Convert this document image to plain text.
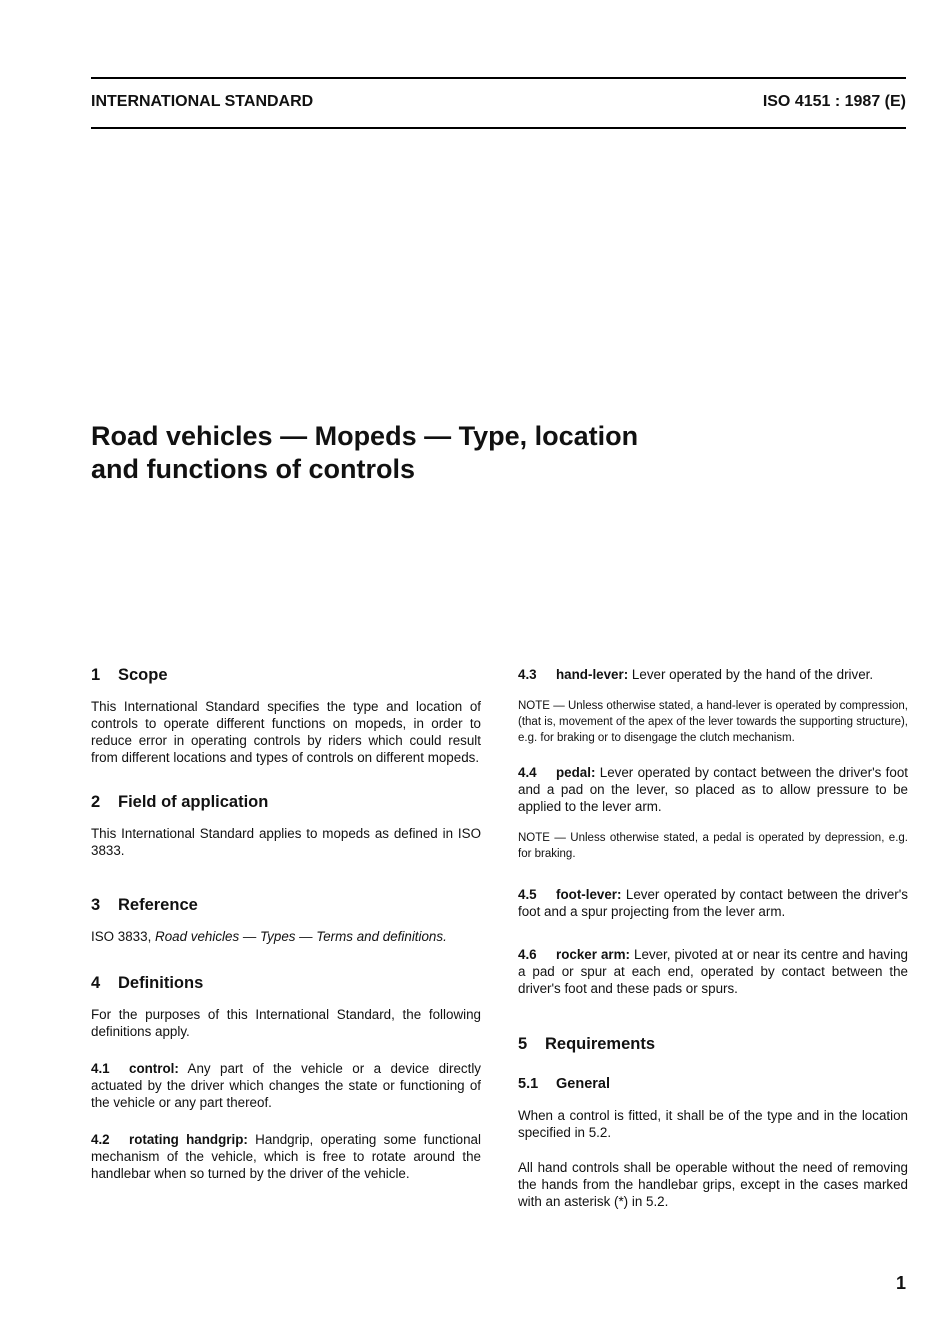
INTERNATIONAL STANDARD	ISO 4151 : 1987 (E)
Road vehicles — Mopeds — Type, location
and functions of controls
1 Scope

This International Standard specifies the type and location of controls to operate different functions on mopeds, in order to reduce error in operating controls by riders which could result from different locations and types of controls on different mopeds.

2 Field of application

This International Standard applies to mopeds as defined in ISO 3833.

3 Reference

ISO 3833, Road vehicles — Types — Terms and definitions.

4 Definitions

For the purposes of this International Standard, the following definitions apply.

4.1 control: Any part of the vehicle or a device directly actuated by the driver which changes the state or functioning of the vehicle or any part thereof.

4.2 rotating handgrip: Handgrip, operating some functional mechanism of the vehicle, which is free to rotate around the handlebar when so turned by the driver of the vehicle.

4.3 hand-lever: Lever operated by the hand of the driver.

NOTE — Unless otherwise stated, a hand-lever is operated by compression, (that is, movement of the apex of the lever towards the supporting structure), e.g. for braking or to disengage the clutch mechanism.

4.4 pedal: Lever operated by contact between the driver's foot and a pad on the lever, so placed as to allow pressure to be applied to the lever arm.

NOTE — Unless otherwise stated, a pedal is operated by depression, e.g. for braking.

4.5 foot-lever: Lever operated by contact between the driver's foot and a spur projecting from the lever arm.

4.6 rocker arm: Lever, pivoted at or near its centre and having a pad or spur at each end, operated by contact between the driver's foot and these pads or spurs.

5 Requirements
5.1 General

When a control is fitted, it shall be of the type and in the location specified in 5.2.

All hand controls shall be operable without the need of removing the hands from the handlebar grips, except in the cases marked with an asterisk (*) in 5.2.

1
